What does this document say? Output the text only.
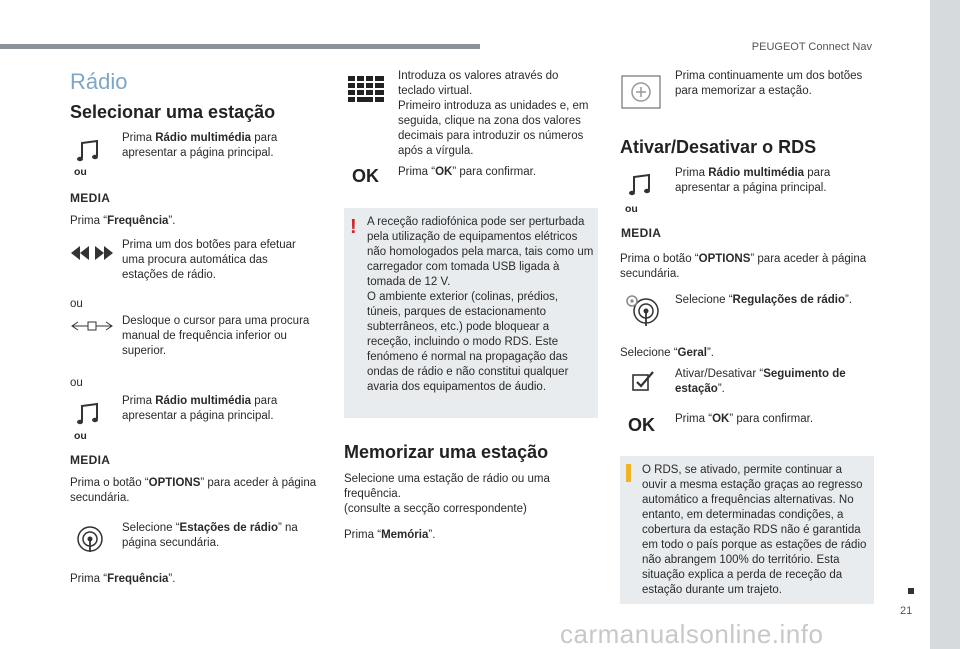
PEUGEOT Connect Nav
Rádio
Selecionar uma estação
Prima Rádio multimédia para apresentar a página principal.
ou
MEDIA
Prima “Frequência”.
Prima um dos botões para efetuar uma procura automática das estações de rádio.
ou
Desloque o cursor para uma procura manual de frequência inferior ou superior.
ou
Prima Rádio multimédia para apresentar a página principal.
ou
MEDIA
Prima o botão “OPTIONS” para aceder à página secundária.
Selecione “Estações de rádio” na página secundária.
Prima “Frequência”.
Introduza os valores através do teclado virtual.
Primeiro introduza as unidades e, em seguida, clique na zona dos valores decimais para introduzir os números após a vírgula.
OK Prima “OK” para confirmar.
! A receção radiofónica pode ser perturbada pela utilização de equipamentos elétricos não homologados pela marca, tais como um carregador com tomada USB ligada à tomada de 12 V.
O ambiente exterior (colinas, prédios, túneis, parques de estacionamento subterrâneos, etc.) pode bloquear a receção, incluindo o modo RDS. Este fenómeno é normal na propagação das ondas de rádio e não constitui qualquer avaria dos equipamentos de áudio.
Memorizar uma estação
Selecione uma estação de rádio ou uma frequência.
(consulte a secção correspondente)
Prima “Memória”.
Prima continuamente um dos botões para memorizar a estação.
Ativar/Desativar o RDS
Prima Rádio multimédia para apresentar a página principal.
ou
MEDIA
Prima o botão “OPTIONS” para aceder à página secundária.
Selecione “Regulações de rádio”.
Selecione “Geral”.
Ativar/Desativar “Seguimento de estação”.
OK Prima “OK” para confirmar.
O RDS, se ativado, permite continuar a ouvir a mesma estação graças ao regresso automático a frequências alternativas. No entanto, em determinadas condições, a cobertura da estação RDS não é garantida em todo o país porque as estações de rádio não abrangem 100% do território. Esta situação explica a perda de receção da estação durante um trajeto.
21
carmanualsonline.info
